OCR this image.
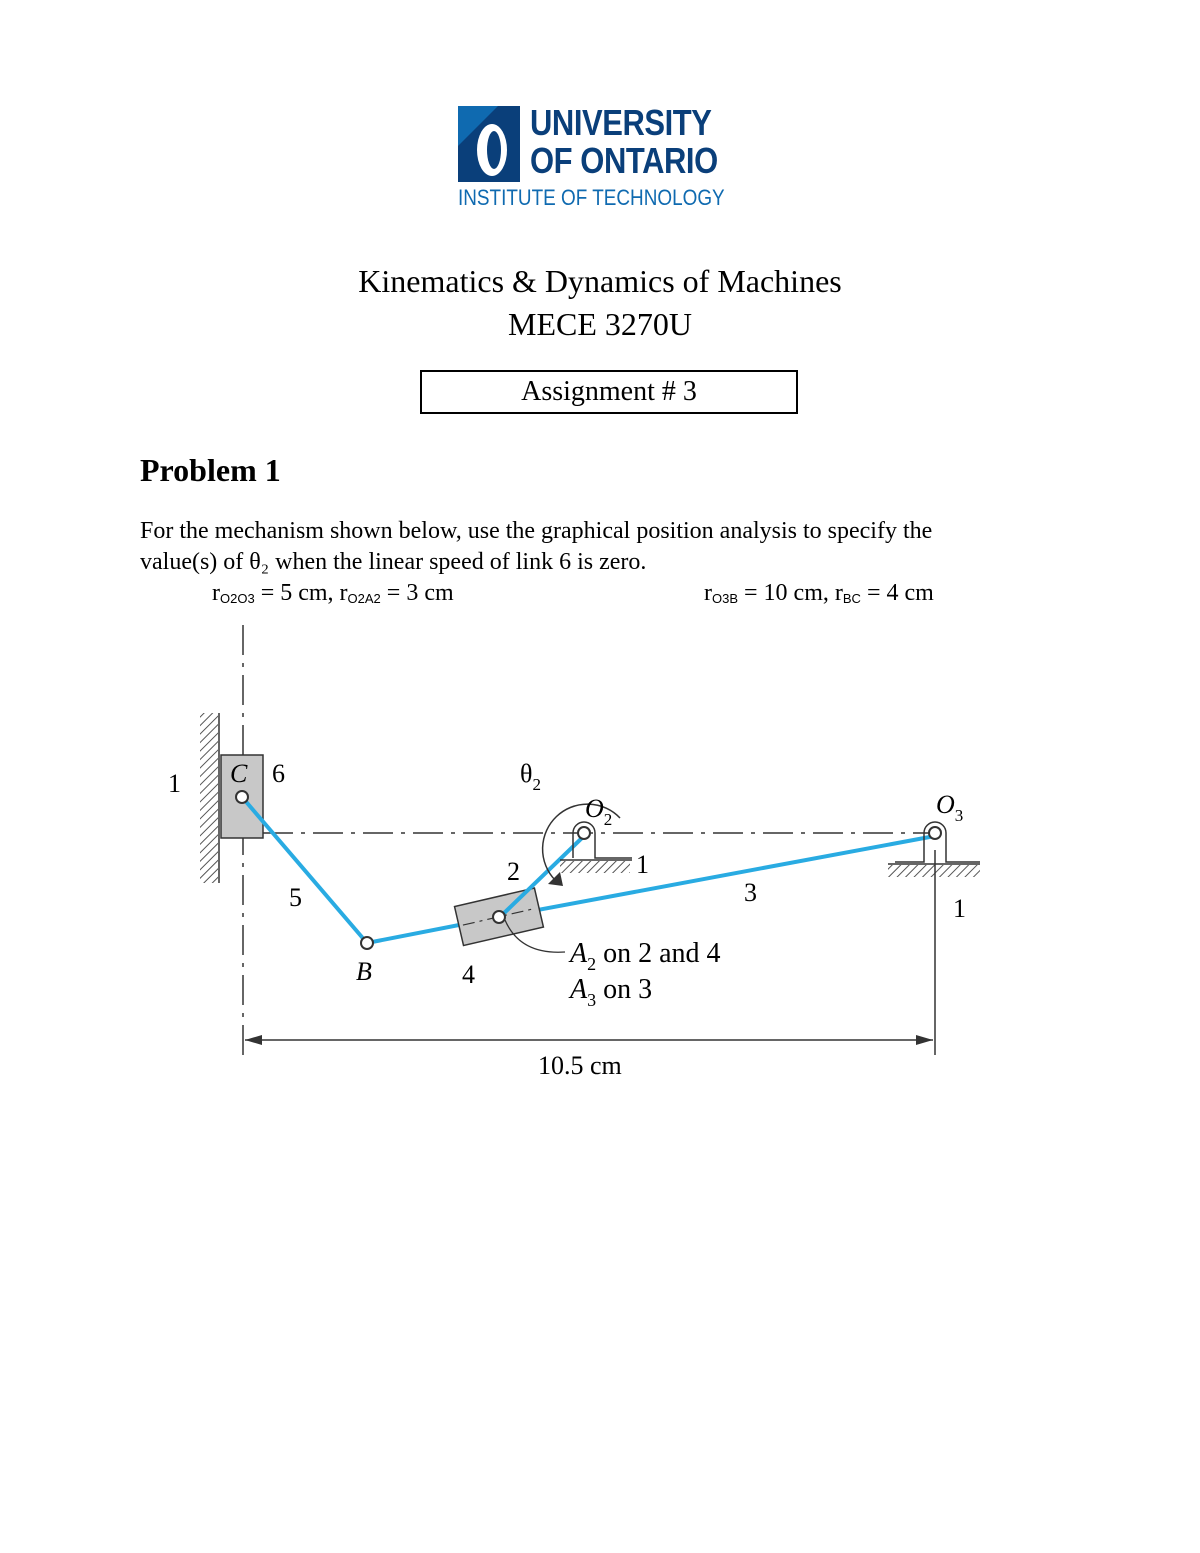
UNIVERSITY
OF ONTARIO
INSTITUTE OF TECHNOLOGY
Kinematics & Dynamics of Machines
MECE 3270U
Assignment # 3
Problem 1
For the mechanism shown below, use the graphical position analysis to specify the
value(s) of θ₂ when the linear speed of link 6 is zero.
$r_{O2O3} = 5$ cm, $r_{O2A2} = 3$ cm	$r_{O3B} = 10$ cm, $r_{BC} = 4$ cm
1 C 6
5
B	4
2
$\theta_2$
$O_2$
1
$O_3$
3
1
$A_2$ on 2 and 4
$A_3$ on 3
10.5 cm
